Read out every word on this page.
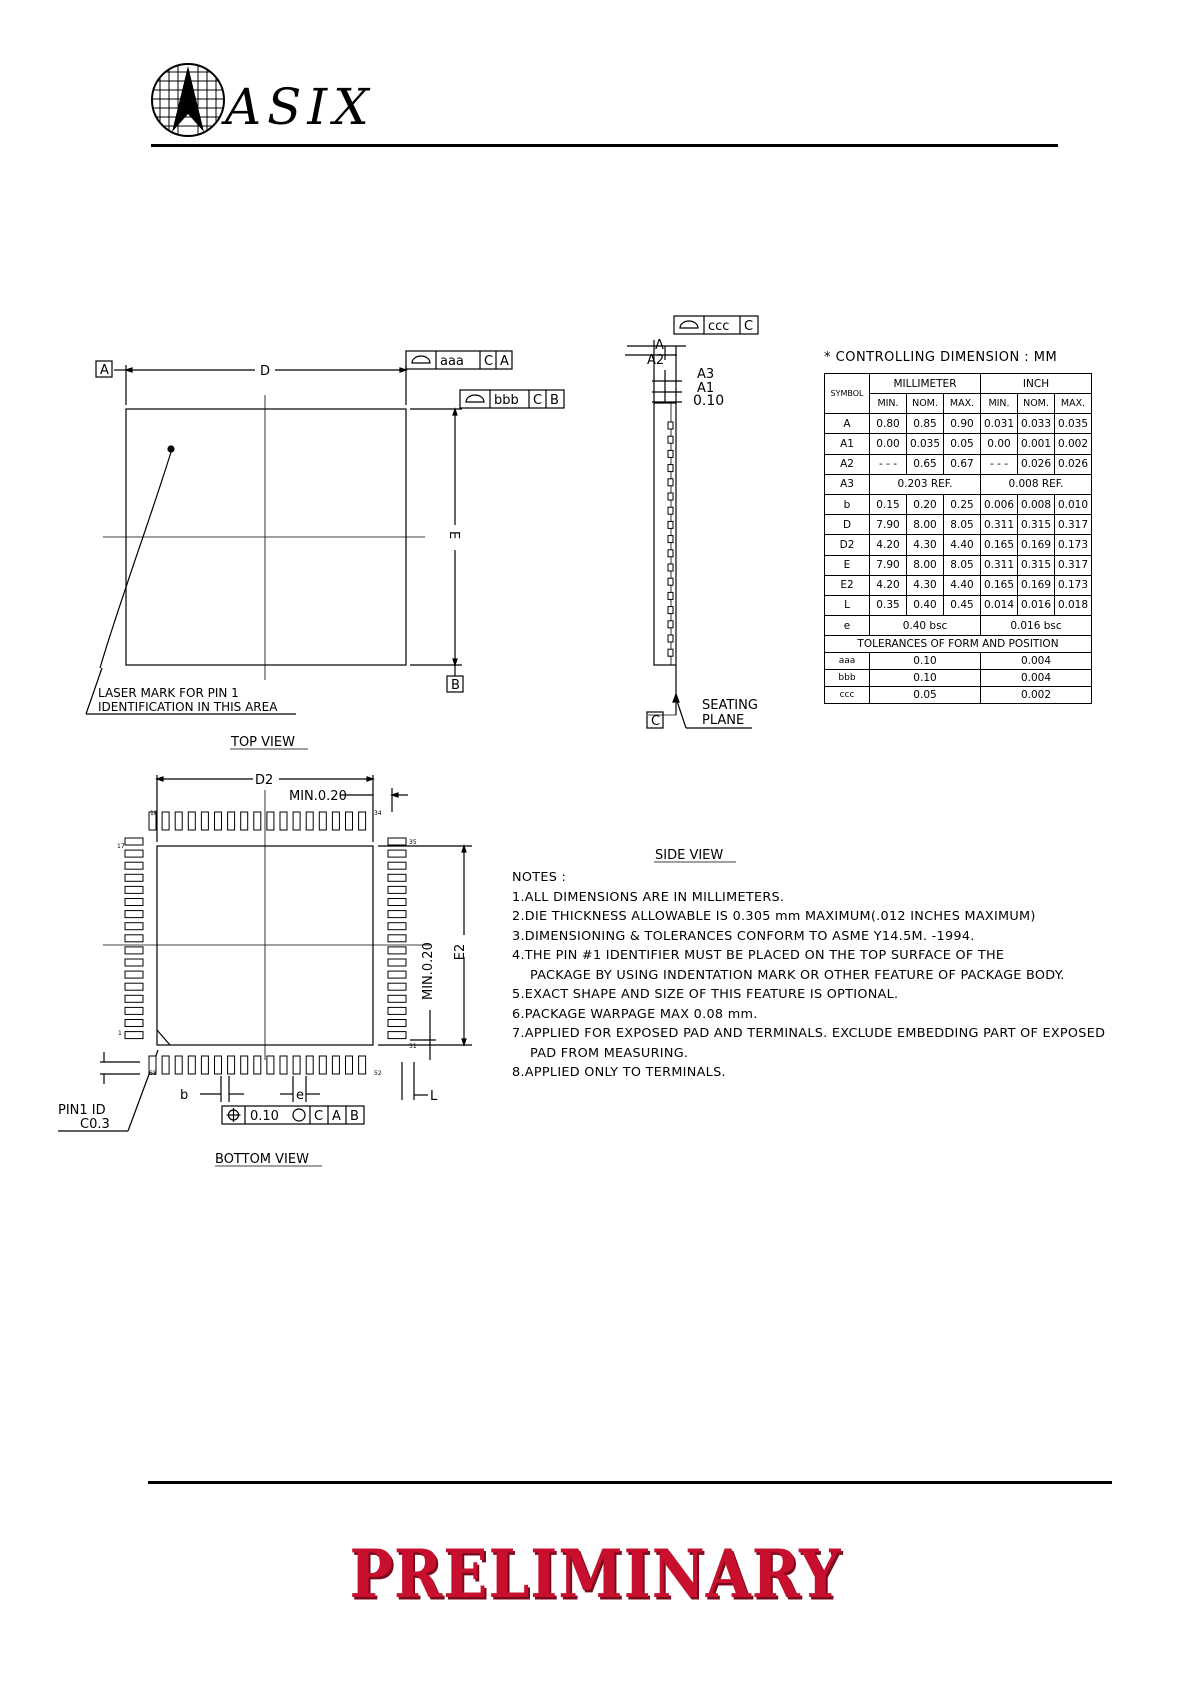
ASIX
A	D
E
B
aaa C A
bbb C B
ccc C
A
A2
A3
A1
0.10
SEATING
PLANE
C
LASER MARK FOR PIN 1
IDENTIFICATION IN THIS AREA
TOP VIEW
SIDE VIEW
BOTTOM VIEW
D2
MIN.0.20
E2
MIN.0.20
b	e	L
0.10	C A B
PIN1 ID
C0.3
17
1
18	34
35
51
68	52
* CONTROLLING DIMENSION : MM
SYMBOL	MILLIMETER			INCH		
	MIN.	NOM.	MAX.	MIN.	NOM.	MAX.
A	0.80	0.85	0.90	0.031	0.033	0.035
A1	0.00	0.035	0.05	0.00	0.001	0.002
A2	- - -	0.65	0.67	- - -	0.026	0.026
A3	0.203 REF.			0.008 REF.		
b	0.15	0.20	0.25	0.006	0.008	0.010
D	7.90	8.00	8.05	0.311	0.315	0.317
D2	4.20	4.30	4.40	0.165	0.169	0.173
E	7.90	8.00	8.05	0.311	0.315	0.317
E2	4.20	4.30	4.40	0.165	0.169	0.173
L	0.35	0.40	0.45	0.014	0.016	0.018
e	0.40 bsc			0.016 bsc		
TOLERANCES OF FORM AND POSITION						
aaa	0.10			0.004		
bbb	0.10			0.004		
ccc	0.05			0.002		
NOTES :
1.ALL DIMENSIONS ARE IN MILLIMETERS.
2.DIE THICKNESS ALLOWABLE IS 0.305 mm MAXIMUM(.012 INCHES MAXIMUM)
3.DIMENSIONING & TOLERANCES CONFORM TO ASME Y14.5M. -1994.
4.THE PIN #1 IDENTIFIER MUST BE PLACED ON THE TOP SURFACE OF THE
PACKAGE BY USING INDENTATION MARK OR OTHER FEATURE OF PACKAGE BODY.
5.EXACT SHAPE AND SIZE OF THIS FEATURE IS OPTIONAL.
6.PACKAGE WARPAGE MAX 0.08 mm.
7.APPLIED FOR EXPOSED PAD AND TERMINALS. EXCLUDE EMBEDDING PART OF EXPOSED
PAD FROM MEASURING.
8.APPLIED ONLY TO TERMINALS.
PRELIMINARY
